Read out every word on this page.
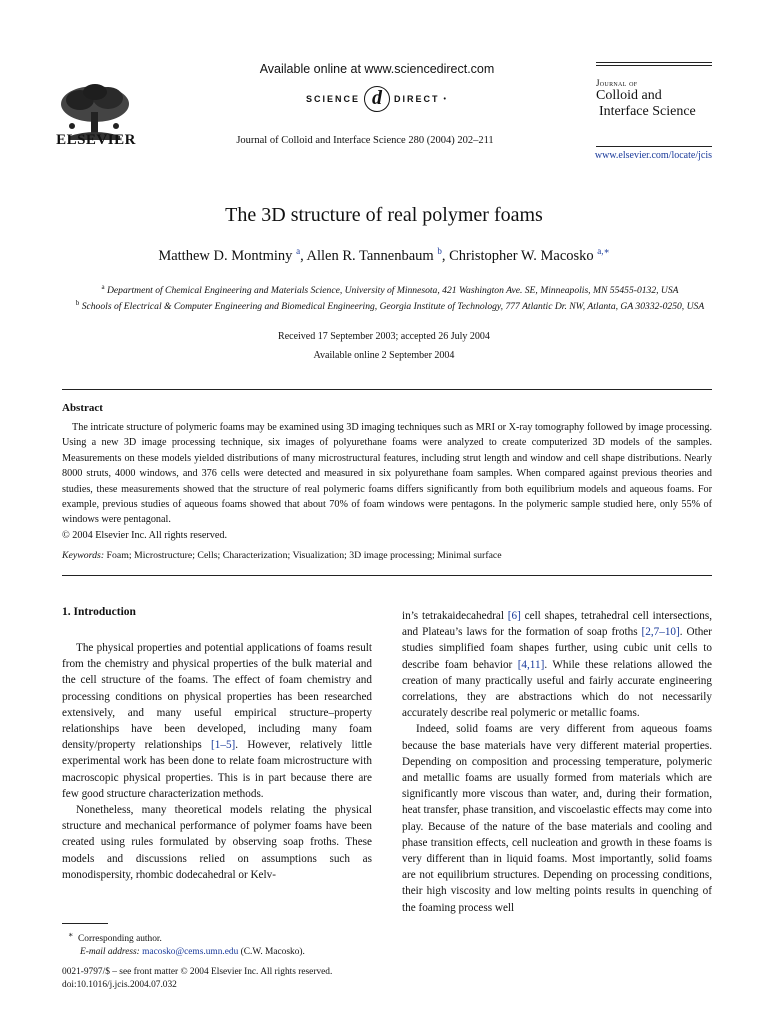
ELSEVIER
Available online at www.sciencedirect.com
SCIENCE d	DIRECT •
Journal of Colloid and Interface Science 280 (2004) 202–211
Journal of
Colloid and
Interface Science
www.elsevier.com/locate/jcis
The 3D structure of real polymer foams
Matthew D. Montminy $^a$, Allen R. Tannenbaum $^b$, Christopher W. Macosko $^{a,∗}$
$^a$ Department of Chemical Engineering and Materials Science, University of Minnesota, 421 Washington Ave. SE, Minneapolis, MN 55455-0132, USA
$^b$ Schools of Electrical & Computer Engineering and Biomedical Engineering, Georgia Institute of Technology, 777 Atlantic Dr. NW, Atlanta, GA 30332-0250, USA
Received 17 September 2003; accepted 26 July 2004
Available online 2 September 2004
Abstract

The intricate structure of polymeric foams may be examined using 3D imaging techniques such as MRI or X-ray tomography followed by image processing. Using a new 3D image processing technique, six images of polyurethane foams were analyzed to create computerized 3D models of the samples. Measurements on these models yielded distributions of many microstructural features, including strut length and window and cell shape distributions. Nearly 8000 struts, 4000 windows, and 376 cells were detected and measured in six polyurethane foam samples. When compared against previous theories and studies, these measurements showed that the structure of real polymeric foams differs significantly from both equilibrium models and aqueous foams. For example, previous studies of aqueous foams showed that about 70% of foam windows were pentagons. In the polymeric sample studied here, only 55% of windows were pentagonal.

© 2004 Elsevier Inc. All rights reserved.

Keywords: Foam; Microstructure; Cells; Characterization; Visualization; 3D image processing; Minimal surface
1. Introduction

The physical properties and potential applications of foams result from the chemistry and physical properties of the bulk material and the cell structure of the foams. The effect of foam chemistry and processing conditions on physical properties has been researched extensively, and many useful empirical structure–property relationships have been developed, including many foam density/property relationships [1–5]. However, relatively little experimental work has been done to relate foam microstructure with macroscopic physical properties. This is in part because there are few good structure characterization methods.

Nonetheless, many theoretical models relating the physical structure and mechanical performance of polymer foams have been created using rules formulated by observing soap froths. These models and discussions relied on assumptions such as monodispersity, rhombic dodecahedral or Kelv-

in’s tetrakaidecahedral [6] cell shapes, tetrahedral cell intersections, and Plateau’s laws for the formation of soap froths [2,7–10]. Other studies simplified foam shapes further, using cubic unit cells to describe foam behavior [4,11]. While these relations allowed the creation of many practically useful and fairly accurate engineering correlations, they are abstractions which do not necessarily accurately describe real polymeric or metallic foams.

Indeed, solid foams are very different from aqueous foams because the base materials have very different material properties. Depending on composition and processing temperature, polymeric and metallic foams are usually formed from materials which are significantly more viscous than water, and, during their formation, heat transfer, phase transition, and viscoelastic effects may come into play. Because of the nature of the base materials and cooling and phase transition effects, cell nucleation and growth in these foams is very different than in liquid foams. Most importantly, solid foams are not equilibrium structures. Depending on processing conditions, their high viscosity and low melting points results in quenching of the foaming process well

∗ Corresponding author.
E-mail address: macosko@cems.umn.edu (C.W. Macosko).
0021-9797/$ – see front matter © 2004 Elsevier Inc. All rights reserved.
doi:10.1016/j.jcis.2004.07.032
